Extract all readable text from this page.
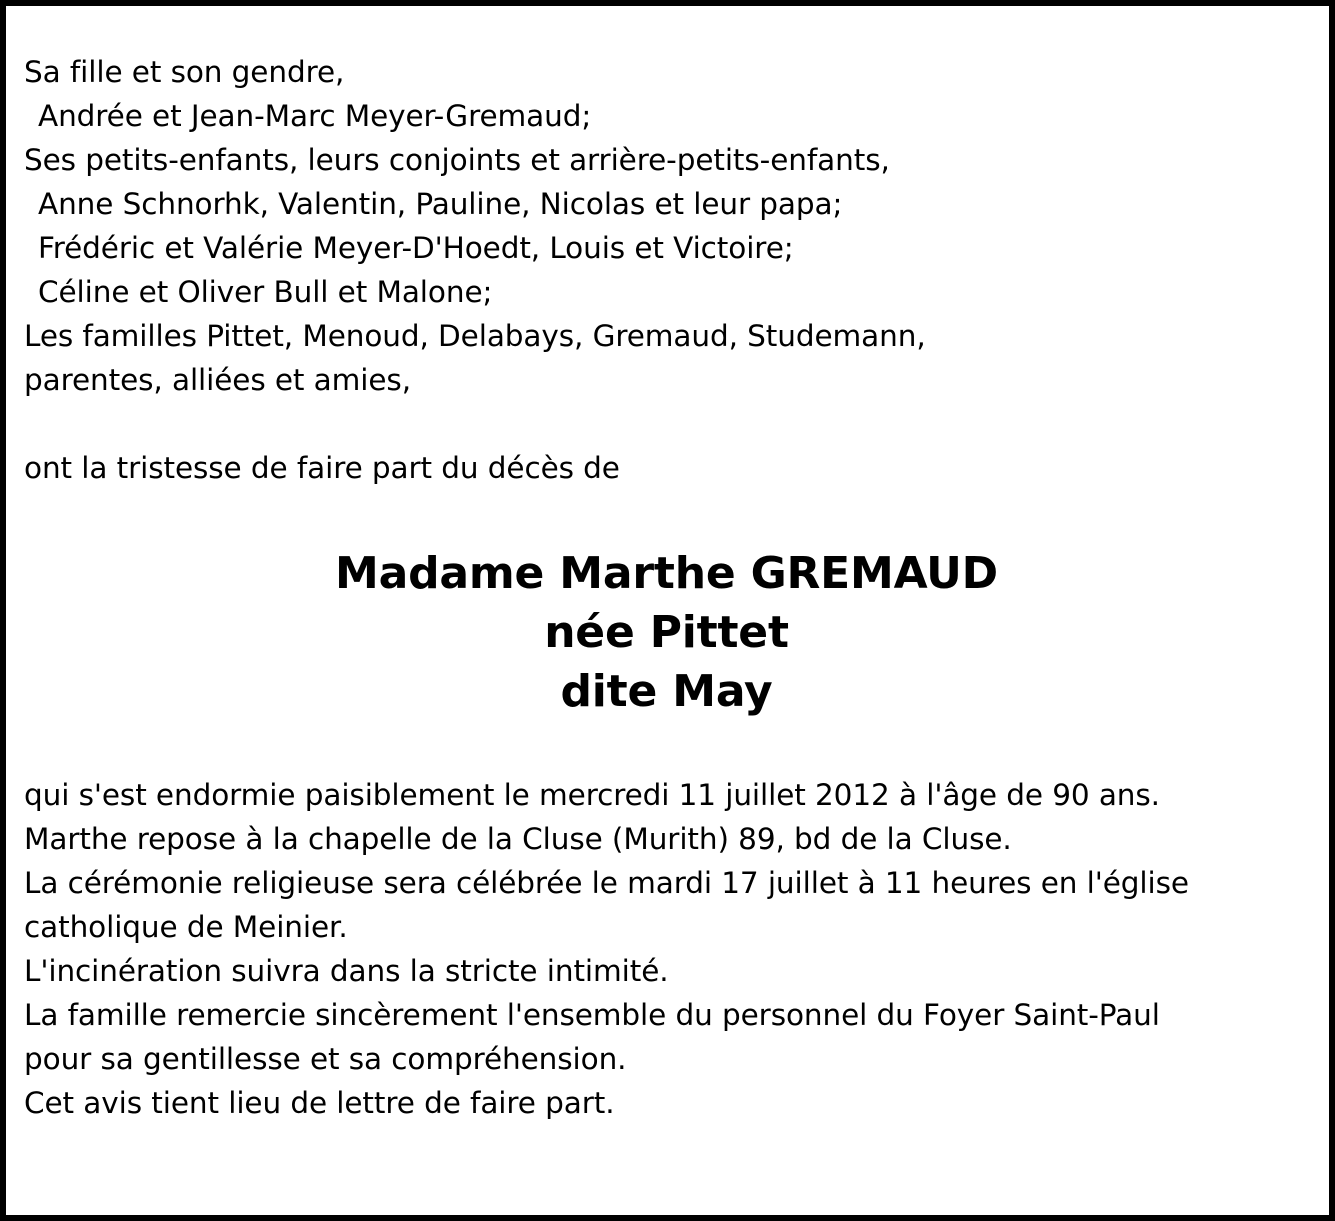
Sa fille et son gendre,
Andrée et Jean-Marc Meyer-Gremaud;
Ses petits-enfants, leurs conjoints et arrière-petits-enfants,
Anne Schnorhk, Valentin, Pauline, Nicolas et leur papa;
Frédéric et Valérie Meyer-D'Hoedt, Louis et Victoire;
Céline et Oliver Bull et Malone;
Les familles Pittet, Menoud, Delabays, Gremaud, Studemann,
parentes, alliées et amies,
ont la tristesse de faire part du décès de
Madame Marthe GREMAUD
née Pittet
dite May
qui s'est endormie paisiblement le mercredi 11 juillet 2012 à l'âge de 90 ans.
Marthe repose à la chapelle de la Cluse (Murith) 89, bd de la Cluse.
La cérémonie religieuse sera célébrée le mardi 17 juillet à 11 heures en l'église
catholique de Meinier.
L'incinération suivra dans la stricte intimité.
La famille remercie sincèrement l'ensemble du personnel du Foyer Saint-Paul
pour sa gentillesse et sa compréhension.
Cet avis tient lieu de lettre de faire part.
